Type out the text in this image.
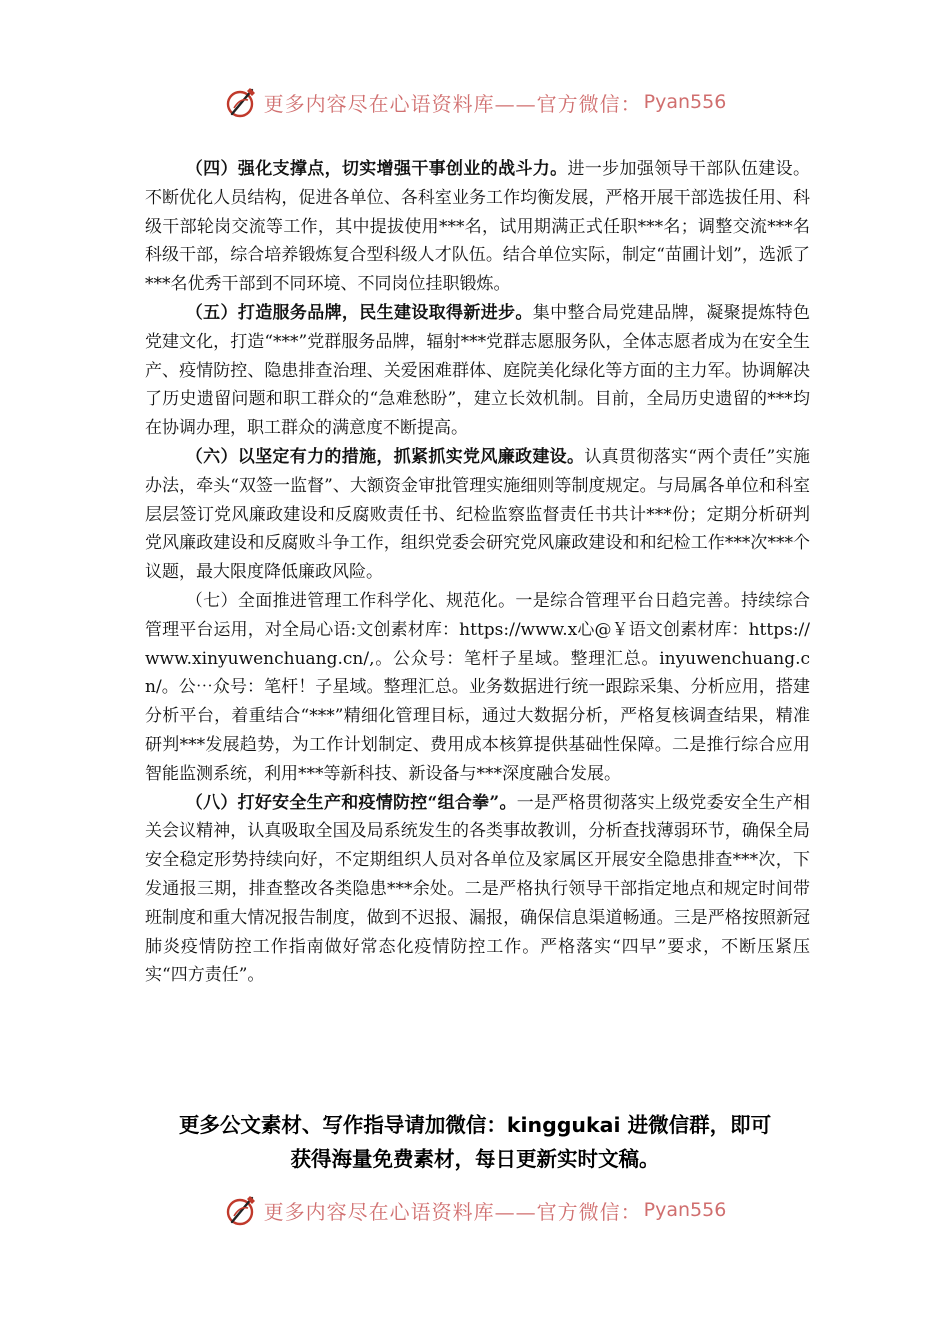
更多内容尽在心语资料库——官方微信： Pyan556

（四）强化支撑点，切实增强干事创业的战斗力。进一步加强领导干部队伍建设。不断优化人员结构，促进各单位、各科室业务工作均衡发展，严格开展干部选拔任用、科级干部轮岗交流等工作，其中提拔使用***名，试用期满正式任职***名；调整交流***名科级干部，综合培养锻炼复合型科级人才队伍。结合单位实际，制定“苗圃计划”，选派了***名优秀干部到不同环境、不同岗位挂职锻炼。

（五）打造服务品牌，民生建设取得新进步。集中整合局党建品牌，凝聚提炼特色党建文化，打造“***”党群服务品牌，辐射***党群志愿服务队，全体志愿者成为在安全生产、疫情防控、隐患排查治理、关爱困难群体、庭院美化绿化等方面的主力军。协调解决了历史遗留问题和职工群众的“急难愁盼”，建立长效机制。目前，全局历史遗留的***均在协调办理，职工群众的满意度不断提高。

（六）以坚定有力的措施，抓紧抓实党风廉政建设。认真贯彻落实“两个责任”实施办法，牵头“双签一监督”、大额资金审批管理实施细则等制度规定。与局属各单位和科室层层签订党风廉政建设和反腐败责任书、纪检监察监督责任书共计***份；定期分析研判党风廉政建设和反腐败斗争工作，组织党委会研究党风廉政建设和和纪检工作***次***个议题，最大限度降低廉政风险。

（七）全面推进管理工作科学化、规范化。一是综合管理平台日趋完善。持续综合管理平台运用，对全局心语:文创素材库：https://www.x心@￥语文创素材库：https://www.xinyuwenchuang.cn/,。公众号：笔杆子星域。整理汇总。inyuwenchuang.cn/。公⋯众号：笔杆！子星域。整理汇总。业务数据进行统一跟踪采集、分析应用，搭建分析平台，着重结合“***”精细化管理目标，通过大数据分析，严格复核调查结果，精准研判***发展趋势，为工作计划制定、费用成本核算提供基础性保障。二是推行综合应用智能监测系统，利用***等新科技、新设备与***深度融合发展。

（八）打好安全生产和疫情防控“组合拳”。一是严格贯彻落实上级党委安全生产相关会议精神，认真吸取全国及局系统发生的各类事故教训，分析查找薄弱环节，确保全局安全稳定形势持续向好，不定期组织人员对各单位及家属区开展安全隐患排查***次，下发通报三期，排查整改各类隐患***余处。二是严格执行领导干部指定地点和规定时间带班制度和重大情况报告制度，做到不迟报、漏报，确保信息渠道畅通。三是严格按照新冠肺炎疫情防控工作指南做好常态化疫情防控工作。严格落实“四早”要求，不断压紧压实“四方责任”。

更多公文素材、写作指导请加微信：kinggukai 进微信群，即可
获得海量免费素材，每日更新实时文稿。
更多内容尽在心语资料库——官方微信： Pyan556
